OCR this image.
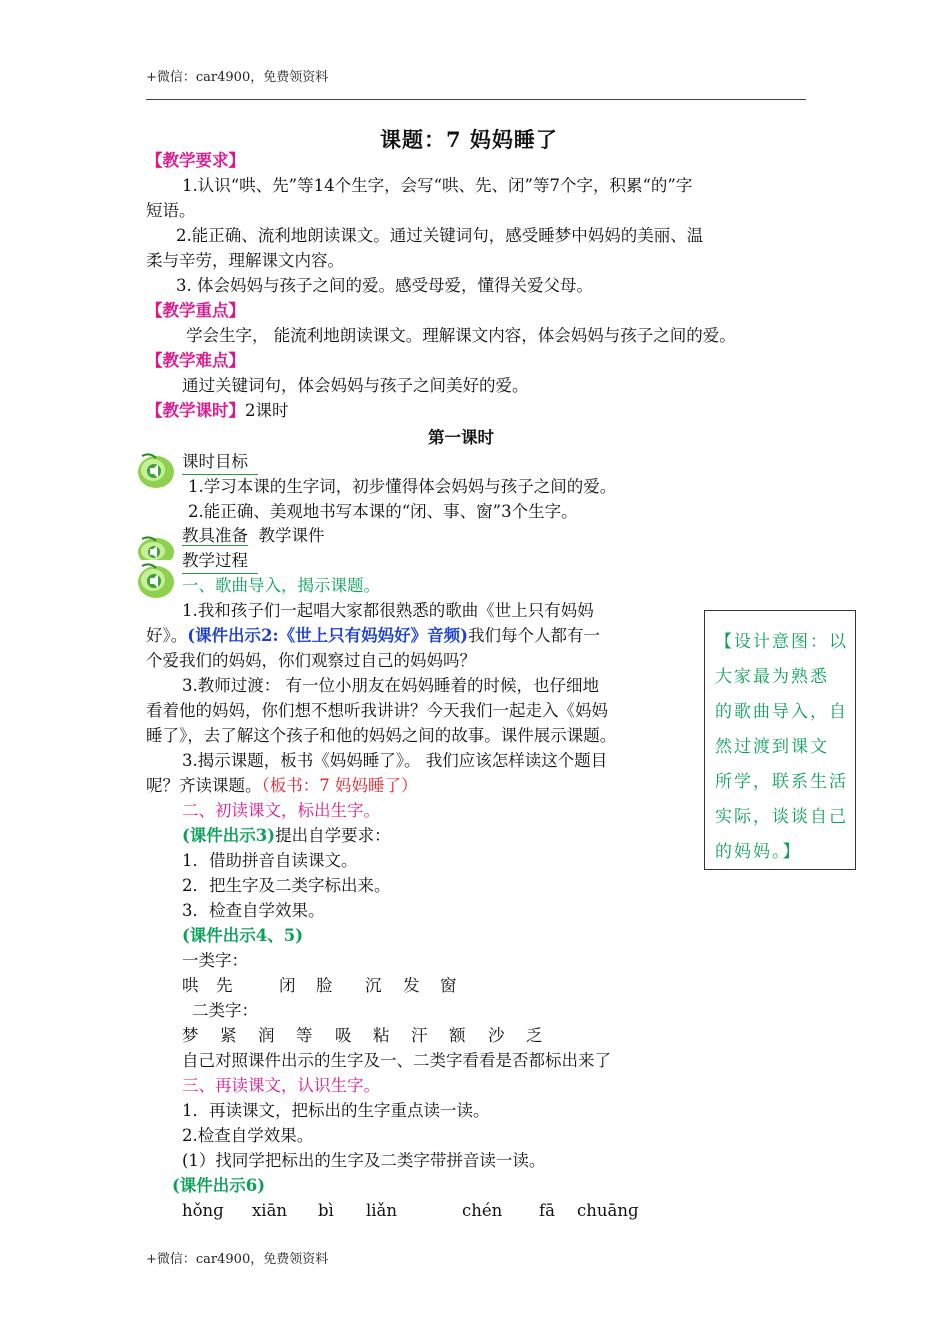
+微信：car4900，免费领资料
课题：7 妈妈睡了
【教学要求】
1.认识“哄、先”等14个生字，会写“哄、先、闭”等7个字，积累“的”字
短语。
2.能正确、流利地朗读课文。通过关键词句，感受睡梦中妈妈的美丽、温
柔与辛劳，理解课文内容。
3. 体会妈妈与孩子之间的爱。感受母爱，懂得关爱父母。
【教学重点】
学会生字， 能流利地朗读课文。理解课文内容，体会妈妈与孩子之间的爱。
【教学难点】
通过关键词句，体会妈妈与孩子之间美好的爱。
【教学课时】2课时
第一课时
课时目标
1.学习本课的生字词，初步懂得体会妈妈与孩子之间的爱。
2.能正确、美观地书写本课的“闭、事、窗”3个生字。
教具准备 教学课件
教学过程
一、歌曲导入，揭示课题。
1.我和孩子们一起唱大家都很熟悉的歌曲《世上只有妈妈
好》。(课件出示2:《世上只有妈妈好》音频)我们每个人都有一
个爱我们的妈妈，你们观察过自己的妈妈吗？
3.教师过渡： 有一位小朋友在妈妈睡着的时候，也仔细地
看着他的妈妈，你们想不想听我讲讲？今天我们一起走入《妈妈
睡了》，去了解这个孩子和他的妈妈之间的故事。课件展示课题。
3.揭示课题，板书《妈妈睡了》。 我们应该怎样读这个题目
呢？齐读课题。（板书：7 妈妈睡了）
二、初读课文，标出生字。
(课件出示3)提出自学要求：
1．借助拼音自读课文。
2．把生字及二类字标出来。
3．检查自学效果。
(课件出示4、5)
一类字：
哄 先	闭 脸 沉 发 窗
二类字：
梦 紧 润 等 吸 粘 汗 额 沙 乏
自己对照课件出示的生字及一、二类字看看是否都标出来了
三、再读课文，认识生字。
1．再读课文，把标出的生字重点读一读。
2.检查自学效果。
(1）找同学把标出的生字及二类字带拼音读一读。
(课件出示6)
hǒnɡ xiān bì liǎn	chén fā chuānɡ
【设计意图：以
大家最为熟悉
的歌曲导入，自
然过渡到课文
所学，联系生活
实际，谈谈自己
的妈妈。】
+微信：car4900，免费领资料
